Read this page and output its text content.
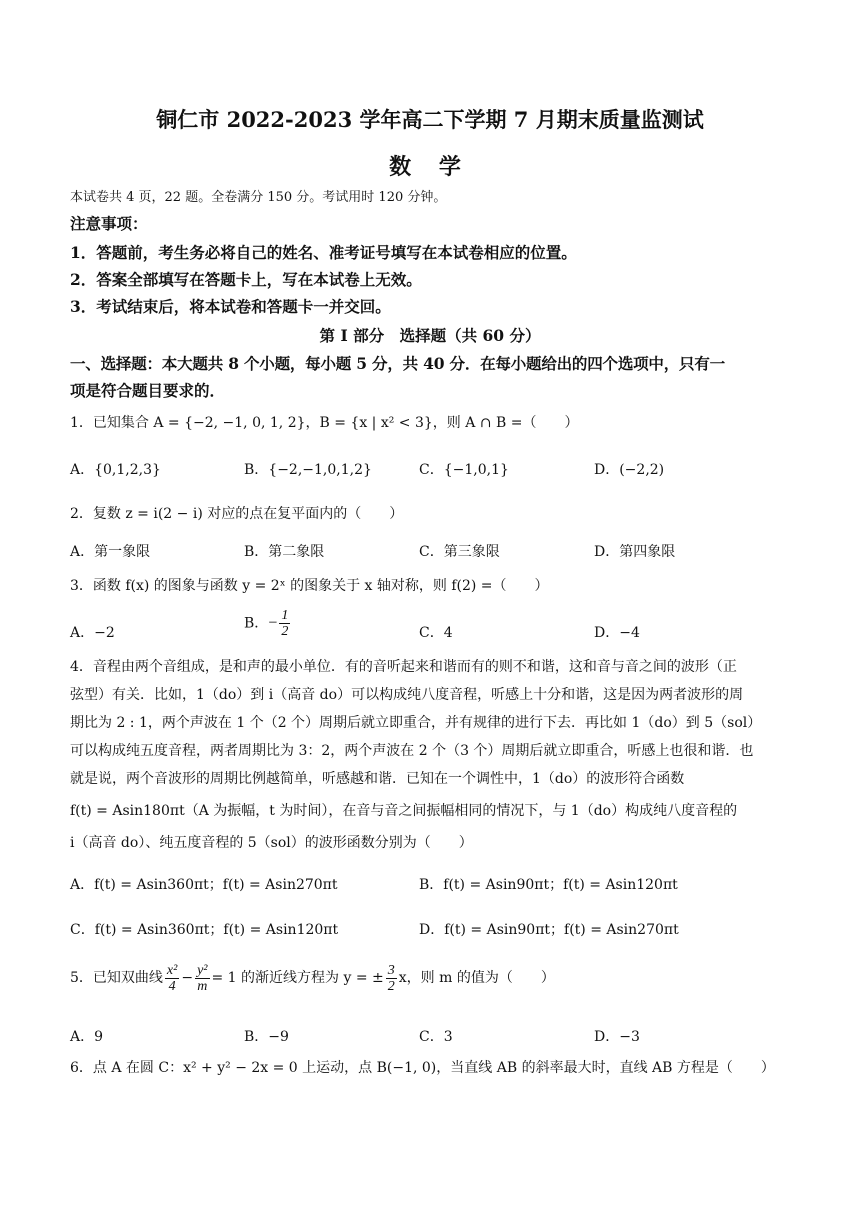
铜仁市 2022-2023 学年高二下学期 7 月期末质量监测试
数 学
本试卷共 4 页，22 题。全卷满分 150 分。考试用时 120 分钟。
注意事项：
1．答题前，考生务必将自己的姓名、准考证号填写在本试卷相应的位置。
2．答案全部填写在答题卡上，写在本试卷上无效。
3．考试结束后，将本试卷和答题卡一并交回。
第 I 部分　选择题（共 60 分）
一、选择题：本大题共 8 个小题，每小题 5 分，共 40 分．在每小题给出的四个选项中，只有一
项是符合题目要求的．
1．已知集合 A = {−2, −1, 0, 1, 2}，B = {x | x² < 3}，则 A ∩ B =（　　）
A．{0,1,2,3}	B．{−2,−1,0,1,2}	C．{−1,0,1}	D．(−2,2)
2．复数 z = i(2 − i) 对应的点在复平面内的（　　）
A．第一象限	B．第二象限	C．第三象限	D．第四象限
3．函数 f(x) 的图象与函数 y = 2ˣ 的图象关于 x 轴对称，则 f(2) =（　　）
A．−2
B．− $\frac{1}{2}$	C．4	D．−4
4．音程由两个音组成，是和声的最小单位．有的音听起来和谐而有的则不和谐，这和音与音之间的波形（正
弦型）有关．比如，1（do）到 i（高音 do）可以构成纯八度音程，听感上十分和谐，这是因为两者波形的周
期比为 2 : 1，两个声波在 1 个（2 个）周期后就立即重合，并有规律的进行下去．再比如 1（do）到 5（sol）
可以构成纯五度音程，两者周期比为 3：2，两个声波在 2 个（3 个）周期后就立即重合，听感上也很和谐．也
就是说，两个音波形的周期比例越简单，听感越和谐．已知在一个调性中，1（do）的波形符合函数
f(t) = Asin180πt（A 为振幅，t 为时间），在音与音之间振幅相同的情况下，与 1（do）构成纯八度音程的
i（高音 do）、纯五度音程的 5（sol）的波形函数分别为（　　）
A．f(t) = Asin360πt；f(t) = Asin270πt	B．f(t) = Asin90πt；f(t) = Asin120πt
C．f(t) = Asin360πt；f(t) = Asin120πt	D．f(t) = Asin90πt；f(t) = Asin270πt
5．已知双曲线 $\frac{\text{x²}}{4} - \frac{\text{y²}}{m} = 1$ 的渐近线方程为 y = ± $\frac{3}{2}$ x，则 m 的值为（　　）
A．9	B．−9	C．3	D．−3
6．点 A 在圆 C：x² + y² − 2x = 0 上运动，点 B(−1, 0)，当直线 AB 的斜率最大时，直线 AB 方程是（　　）
